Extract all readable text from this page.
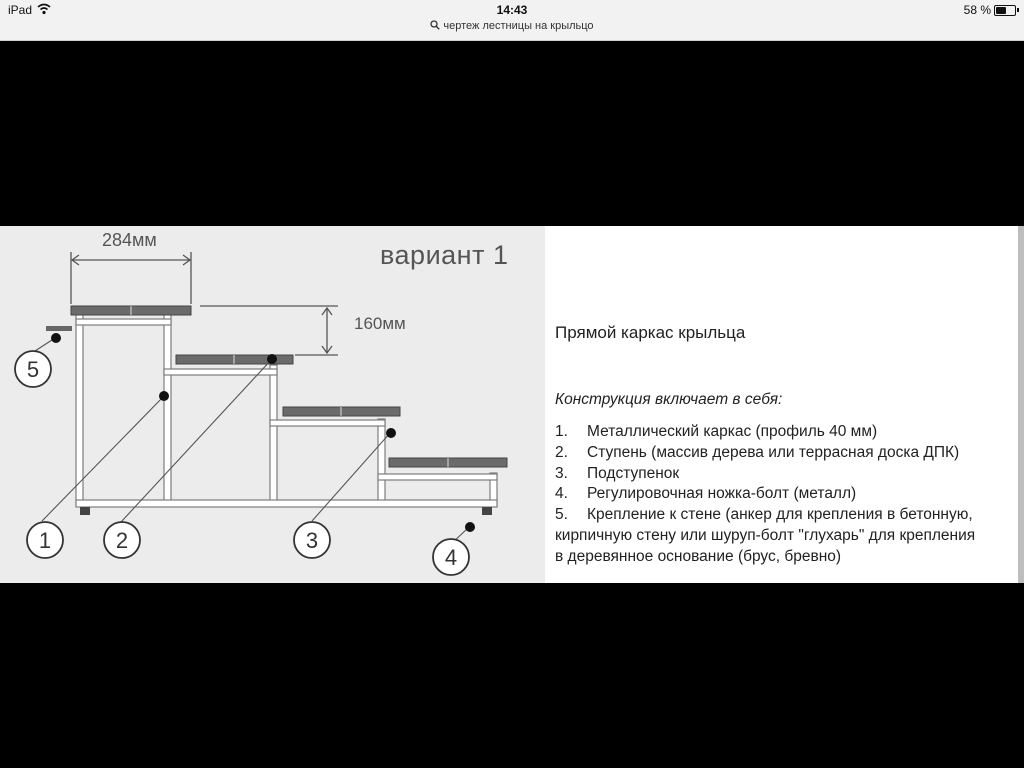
iPad	14:43	58 %
чертеж лестницы на крыльцо
1	2	3
4
5
вариант 1
284мм
160мм	Прямой каркас крыльца
Конструкция включает в себя:
1. Металлический каркас (профиль 40 мм)
2. Ступень (массив дерева или террасная доска ДПК)
3. Подступенок
4. Регулировочная ножка-болт (металл)
5. Крепление к стене (анкер для крепления в бетонную,
кирпичную стену или шуруп-болт "глухарь" для крепления
в деревянное основание (брус, бревно)
